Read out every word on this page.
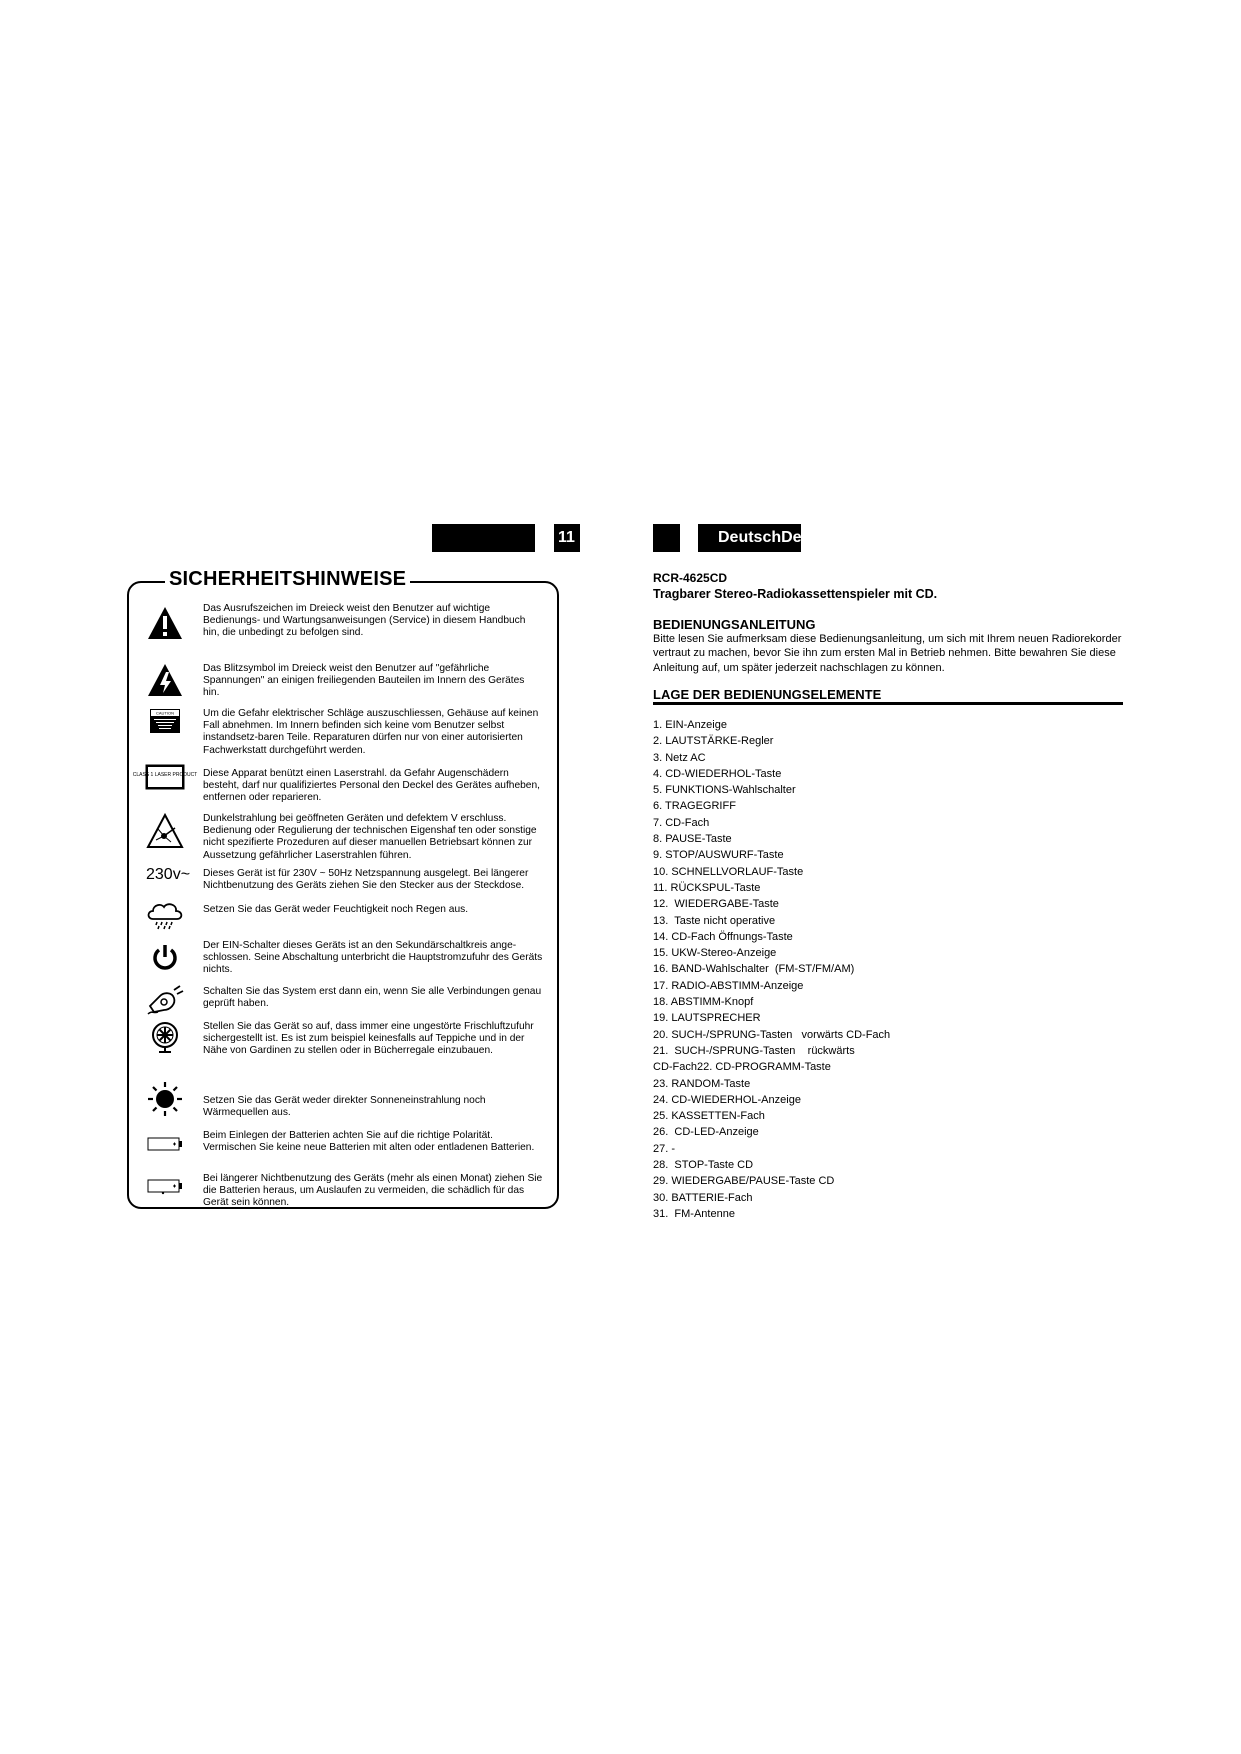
11	DeutschDe
SICHERHEITSHINWEISE
Das Ausrufszeichen im Dreieck weist den Benutzer auf wichtige Bedienungs- und Wartungsanweisungen (Service) in diesem Handbuch hin, die unbedingt zu befolgen sind.
Das Blitzsymbol im Dreieck weist den Benutzer auf "gefährliche Spannungen" an einigen freiliegenden Bauteilen im Innern des Gerätes hin.
CAUTION	Um die Gefahr elektrischer Schläge auszuschliessen, Gehäuse auf keinen Fall abnehmen. Im Innern befinden sich keine vom Benutzer selbst instandsetz-baren Teile. Reparaturen dürfen nur von einer autorisierten Fachwerkstatt durchgeführt werden.
CLASS 1 LASER PRODUCT Diese Apparat benützt einen Laserstrahl. da Gefahr Augenschädern besteht, darf nur qualifiziertes Personal den Deckel des Gerätes aufheben, entfernen oder reparieren.
Dunkelstrahlung bei geöffneten Geräten und defektem V erschluss. Bedienung oder Regulierung der technischen Eigenshaf ten oder sonstige nicht spezifierte Prozeduren auf dieser manuellen Betriebsart können zur Aussetzung gefährlicher Laserstrahlen führen.
230v~ Dieses Gerät ist für 230V ~ 50Hz Netzspannung ausgelegt. Bei längerer Nichtbenutzung des Geräts ziehen Sie den Stecker aus der Steckdose.
Setzen Sie das Gerät weder Feuchtigkeit noch Regen aus.
Der EIN-Schalter dieses Geräts ist an den Sekundärschaltkreis ange-schlossen. Seine Abschaltung unterbricht die Hauptstromzufuhr des Geräts nichts.
Schalten Sie das System erst dann ein, wenn Sie alle Verbindungen genau geprüft haben.
Stellen Sie das Gerät so auf, dass immer eine ungestörte Frischluftzufuhr sichergestellt ist. Es ist zum beispiel keinesfalls auf Teppiche und in der Nähe von Gardinen zu stellen oder in Bücherregale einzubauen.
Setzen Sie das Gerät weder direkter Sonneneinstrahlung noch Wärmequellen aus.
Beim Einlegen der Batterien achten Sie auf die richtige Polarität. Vermischen Sie keine neue Batterien mit alten oder entladenen Batterien.
Bei längerer Nichtbenutzung des Geräts (mehr als einen Monat) ziehen Sie die Batterien heraus, um Auslaufen zu vermeiden, die schädlich für das Gerät sein können.
RCR-4625CD
Tragbarer Stereo-Radiokassettenspieler mit CD.
BEDIENUNGSANLEITUNG
Bitte lesen Sie aufmerksam diese Bedienungsanleitung, um sich mit Ihrem neuen Radiorekorder vertraut zu machen, bevor Sie ihn zum ersten Mal in Betrieb nehmen. Bitte bewahren Sie diese Anleitung auf, um später jederzeit nachschlagen zu können.
LAGE DER BEDIENUNGSELEMENTE
1. EIN-Anzeige
2. LAUTSTÄRKE-Regler
3. Netz AC
4. CD-WIEDERHOL-Taste
5. FUNKTIONS-Wahlschalter
6. TRAGEGRIFF
7. CD-Fach
8. PAUSE-Taste
9. STOP/AUSWURF-Taste
10. SCHNELLVORLAUF-Taste
11. RÜCKSPUL-Taste
12.  WIEDERGABE-Taste
13.  Taste nicht operative
14. CD-Fach Öffnungs-Taste
15. UKW-Stereo-Anzeige
16. BAND-Wahlschalter  (FM-ST/FM/AM)
17. RADIO-ABSTIMM-Anzeige
18. ABSTIMM-Knopf
19. LAUTSPRECHER
20. SUCH-/SPRUNG-Tasten   vorwärts CD-Fach
21.  SUCH-/SPRUNG-Tasten    rückwärts
CD-Fach22. CD-PROGRAMM-Taste
23. RANDOM-Taste
24. CD-WIEDERHOL-Anzeige
25. KASSETTEN-Fach
26.  CD-LED-Anzeige
27. -
28.  STOP-Taste CD
29. WIEDERGABE/PAUSE-Taste CD
30. BATTERIE-Fach
31.  FM-Antenne
